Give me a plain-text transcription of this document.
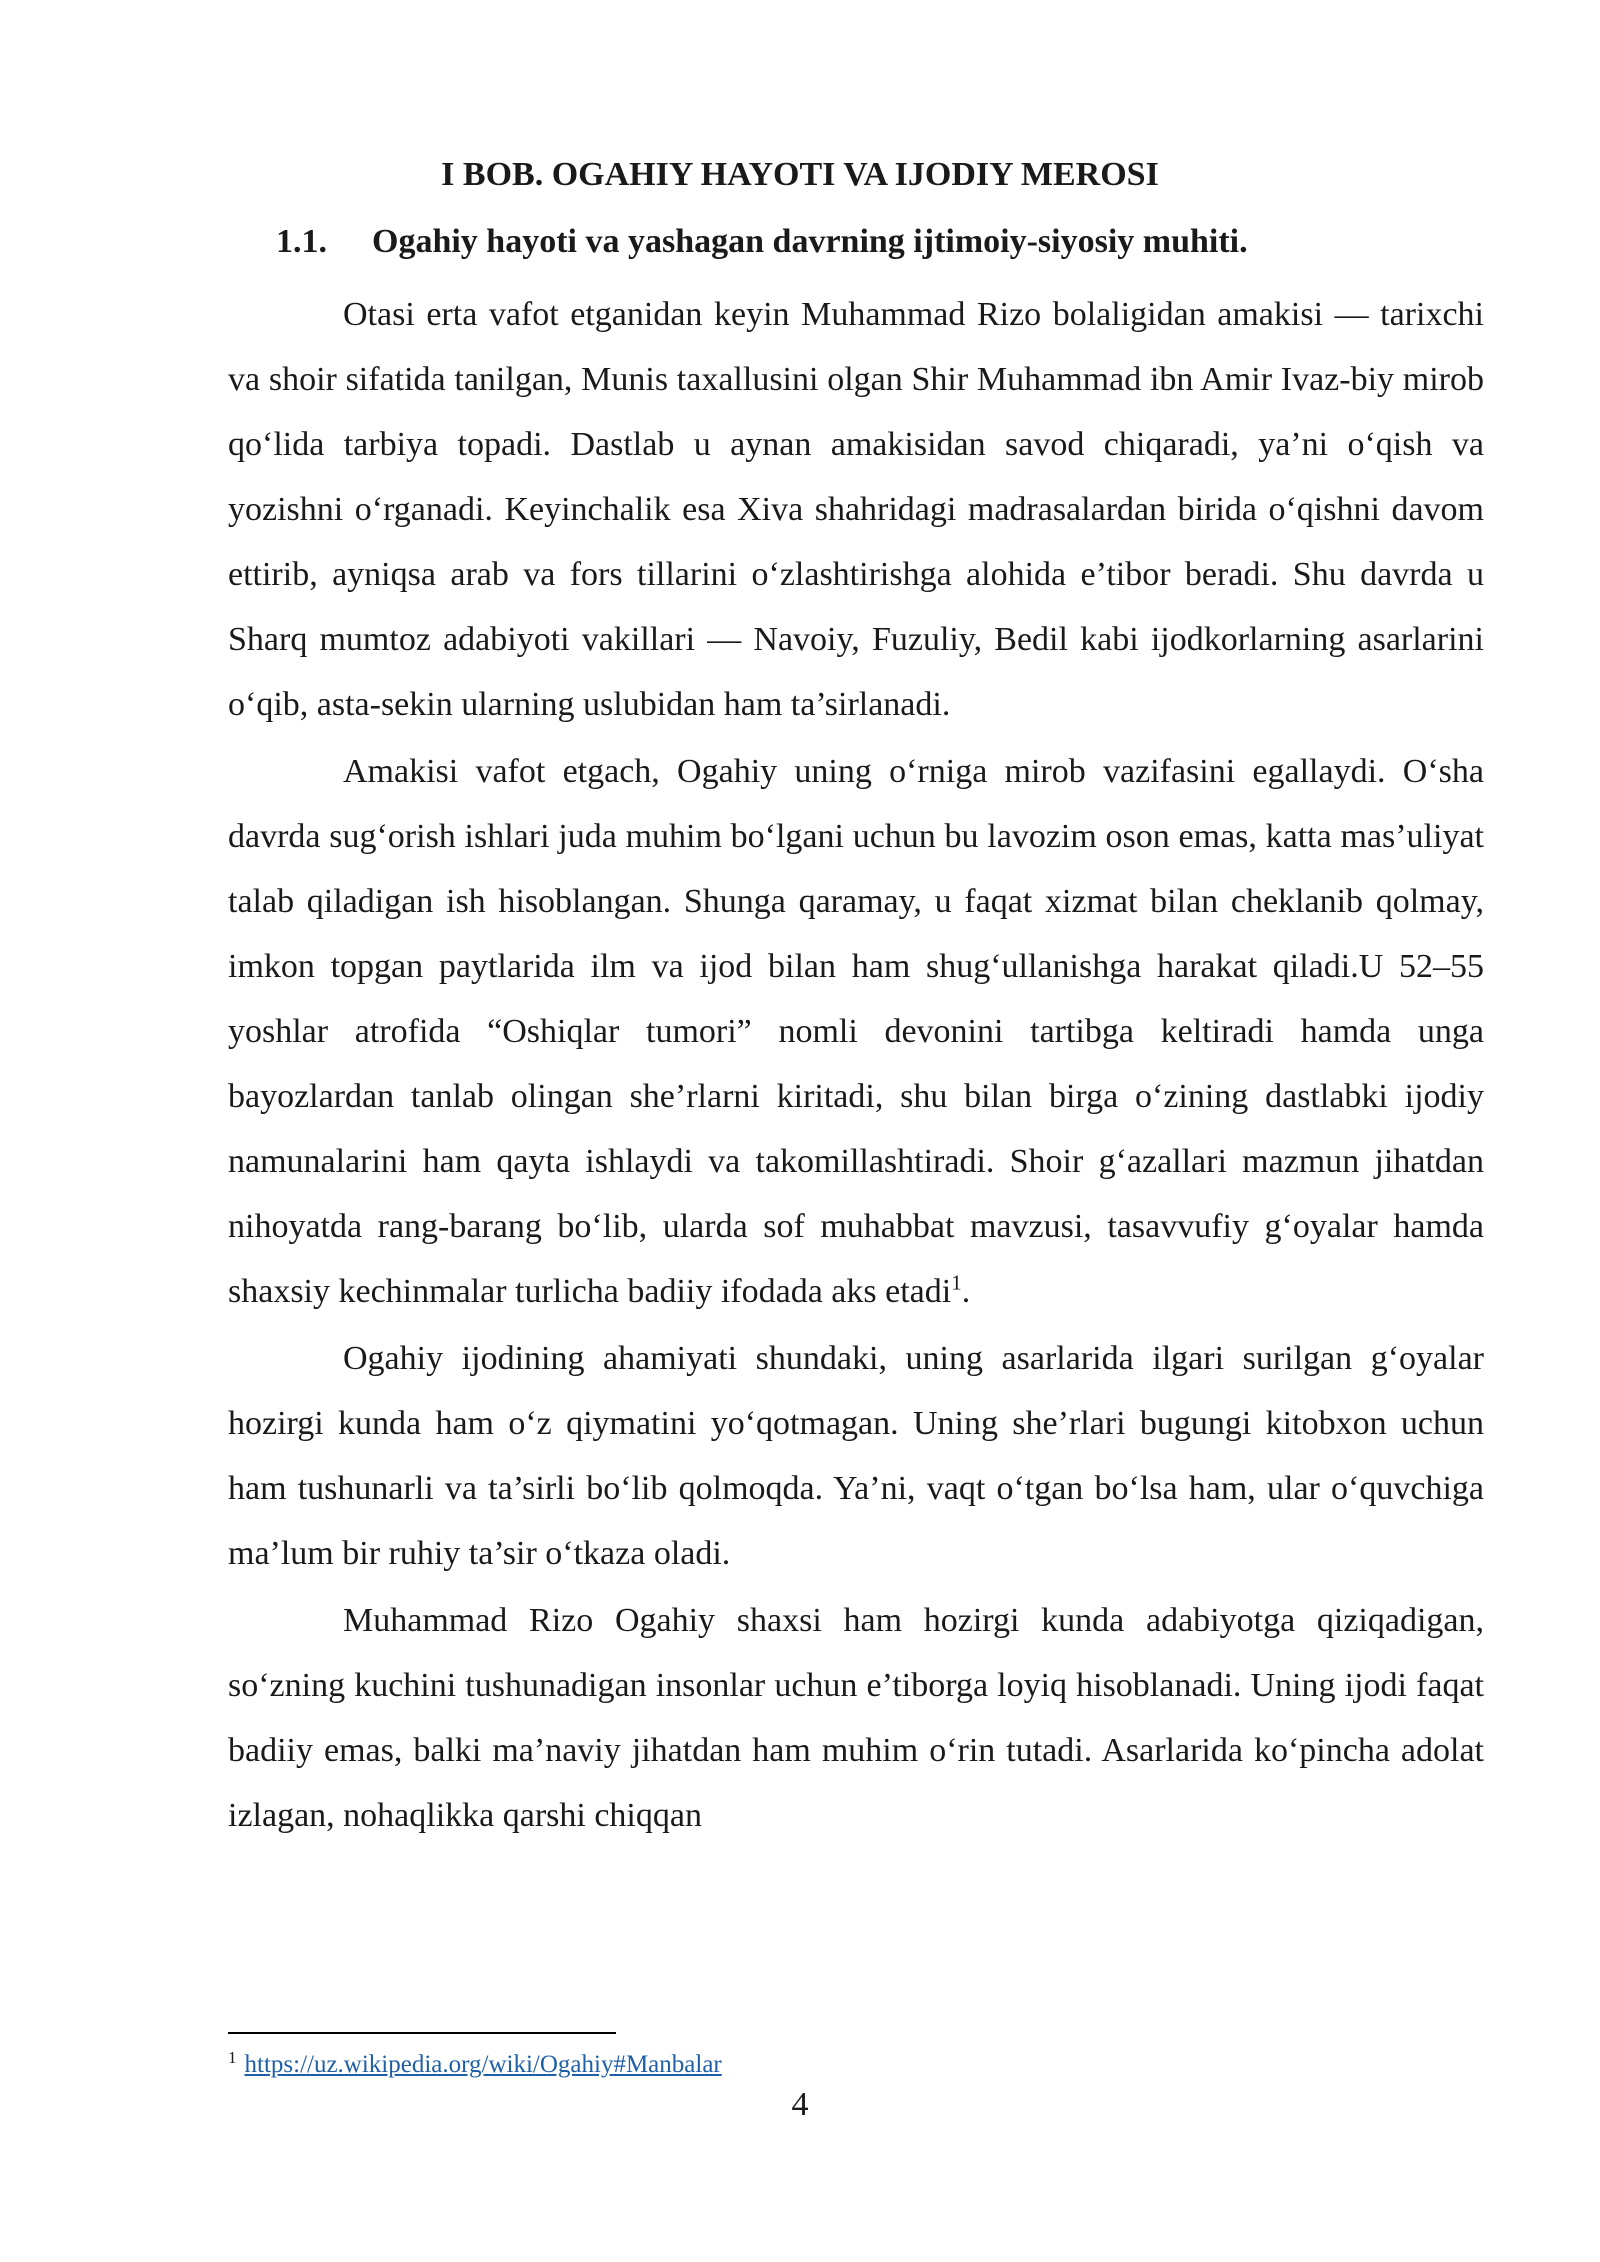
I BOB. OGAHIY HAYOTI VA IJODIY MEROSI
1.1. Ogahiy hayoti va yashagan davrning ijtimoiy-siyosiy muhiti.

Otasi erta vafot etganidan keyin Muhammad Rizo bolaligidan amakisi — tarixchi va shoir sifatida tanilgan, Munis taxallusini olgan Shir Muhammad ibn Amir Ivaz-biy mirob qo‘lida tarbiya topadi. Dastlab u aynan amakisidan savod chiqaradi, ya’ni o‘qish va yozishni o‘rganadi. Keyinchalik esa Xiva shahridagi madrasalardan birida o‘qishni davom ettirib, ayniqsa arab va fors tillarini o‘zlashtirishga alohida e’tibor beradi. Shu davrda u Sharq mumtoz adabiyoti vakillari — Navoiy, Fuzuliy, Bedil kabi ijodkorlarning asarlarini o‘qib, asta-sekin ularning uslubidan ham ta’sirlanadi.

Amakisi vafot etgach, Ogahiy uning o‘rniga mirob vazifasini egallaydi. O‘sha davrda sug‘orish ishlari juda muhim bo‘lgani uchun bu lavozim oson emas, katta mas’uliyat talab qiladigan ish hisoblangan. Shunga qaramay, u faqat xizmat bilan cheklanib qolmay, imkon topgan paytlarida ilm va ijod bilan ham shug‘ullanishga harakat qiladi.U 52–55 yoshlar atrofida “Oshiqlar tumori” nomli devonini tartibga keltiradi hamda unga bayozlardan tanlab olingan she’rlarni kiritadi, shu bilan birga o‘zining dastlabki ijodiy namunalarini ham qayta ishlaydi va takomillashtiradi. Shoir g‘azallari mazmun jihatdan nihoyatda rang-barang bo‘lib, ularda sof muhabbat mavzusi, tasavvufiy g‘oyalar hamda shaxsiy kechinmalar turlicha badiiy ifodada aks etadi$^1$.

Ogahiy ijodining ahamiyati shundaki, uning asarlarida ilgari surilgan g‘oyalar hozirgi kunda ham o‘z qiymatini yo‘qotmagan. Uning she’rlari bugungi kitobxon uchun ham tushunarli va ta’sirli bo‘lib qolmoqda. Ya’ni, vaqt o‘tgan bo‘lsa ham, ular o‘quvchiga ma’lum bir ruhiy ta’sir o‘tkaza oladi.

Muhammad Rizo Ogahiy shaxsi ham hozirgi kunda adabiyotga qiziqadigan, so‘zning kuchini tushunadigan insonlar uchun e’tiborga loyiq hisoblanadi. Uning ijodi faqat badiiy emas, balki ma’naviy jihatdan ham muhim o‘rin tutadi. Asarlarida ko‘pincha adolat izlagan, nohaqlikka qarshi chiqqan

$^1$ https://uz.wikipedia.org/wiki/Ogahiy#Manbalar
4
